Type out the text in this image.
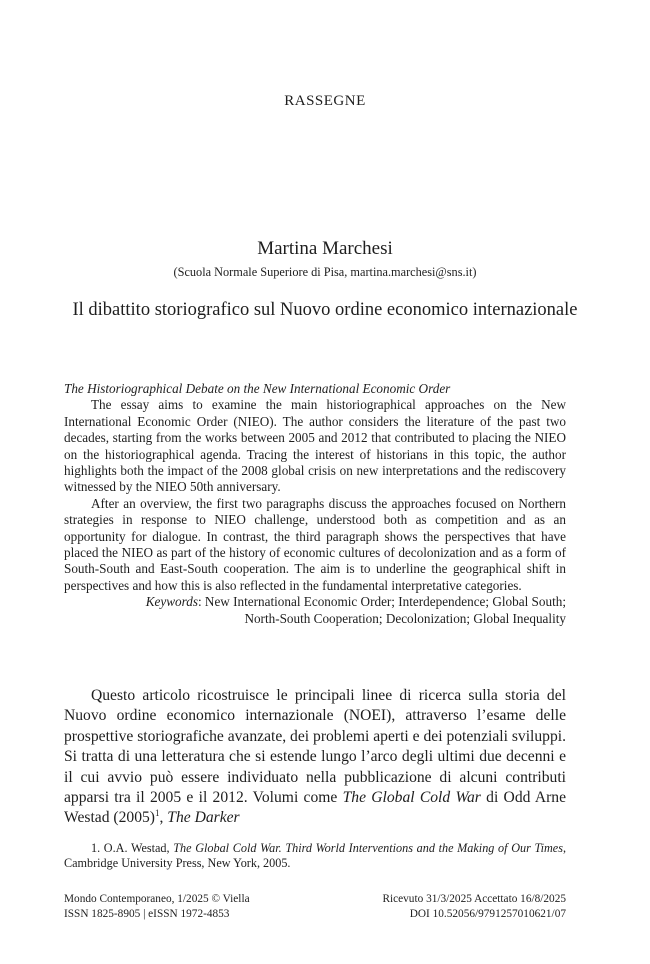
RASSEGNE
Martina Marchesi
(Scuola Normale Superiore di Pisa, martina.marchesi@sns.it)
Il dibattito storiografico sul Nuovo ordine economico internazionale

The Historiographical Debate on the New International Economic Order

The essay aims to examine the main historiographical approaches on the New International Economic Order (NIEO). The author considers the literature of the past two decades, starting from the works between 2005 and 2012 that contributed to placing the NIEO on the historiographical agenda. Tracing the interest of historians in this topic, the author highlights both the impact of the 2008 global crisis on new interpretations and the rediscovery witnessed by the NIEO 50th anniversary.

After an overview, the first two paragraphs discuss the approaches focused on Northern strategies in response to NIEO challenge, understood both as competition and as an opportunity for dialogue. In contrast, the third paragraph shows the perspectives that have placed the NIEO as part of the history of economic cultures of decolonization and as a form of South-South and East-South cooperation. The aim is to underline the geographical shift in perspectives and how this is also reflected in the fundamental interpretative categories.

Keywords: New International Economic Order; Interdependence; Global South;

North-South Cooperation; Decolonization; Global Inequality

Questo articolo ricostruisce le principali linee di ricerca sulla storia del Nuovo ordine economico internazionale (NOEI), attraverso l’esame delle prospettive storiografiche avanzate, dei problemi aperti e dei potenziali sviluppi. Si tratta di una letteratura che si estende lungo l’arco degli ultimi due decenni e il cui avvio può essere individuato nella pubblicazione di alcuni contributi apparsi tra il 2005 e il 2012. Volumi come The Global Cold War di Odd Arne Westad $(2005)^1$, The Darker

1. O.A. Westad, The Global Cold War. Third World Interventions and the Making of Our Times, Cambridge University Press, New York, 2005.

Mondo Contemporaneo, 1/2025 © Viella
ISSN 1825-8905 | eISSN 1972-4853
Ricevuto 31/3/2025 Accettato 16/8/2025
DOI 10.52056/9791257010621/07
